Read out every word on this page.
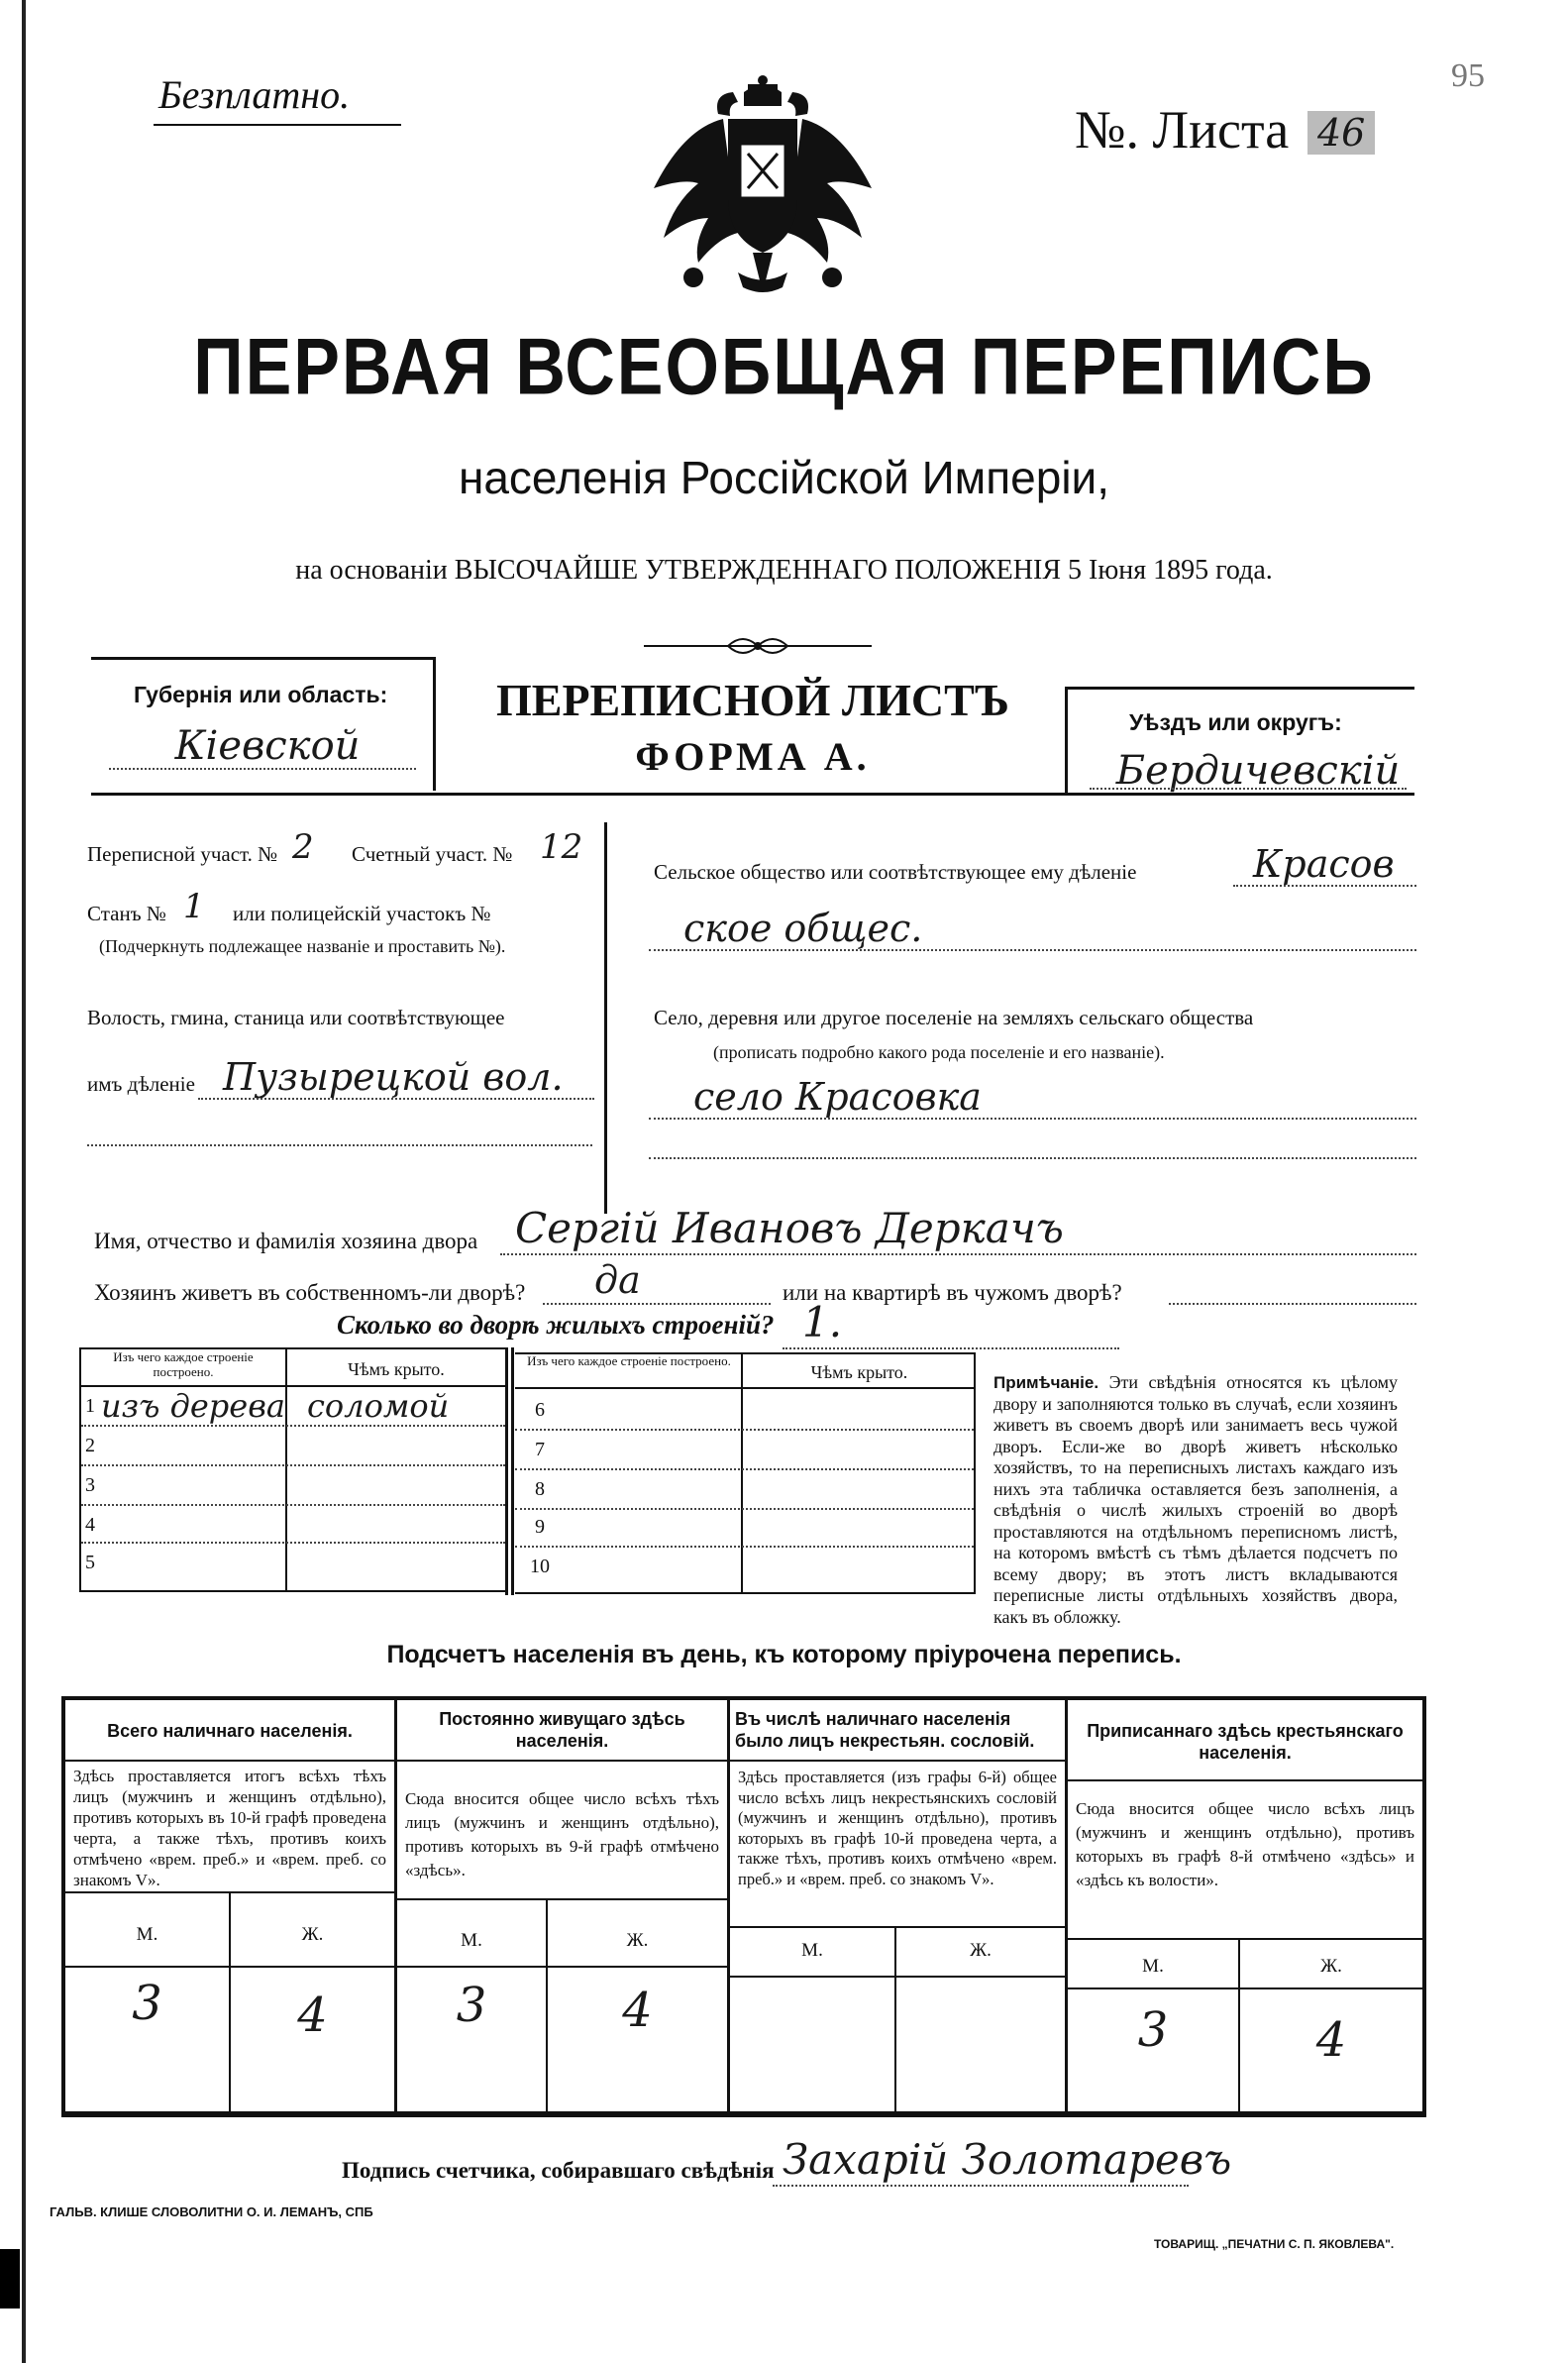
Безплатно.
№. Листа 46
95
ПЕРВАЯ ВСЕОБЩАЯ ПЕРЕПИСЬ
населенія Россійской Имперіи,
на основаніи ВЫСОЧАЙШЕ УТВЕРЖДЕННАГО ПОЛОЖЕНІЯ 5 Іюня 1895 года.
Губернія или область:
Кіевской
ПЕРЕПИСНОЙ ЛИСТЪ
ФОРМА А.
Уѣздъ или округъ:
Бердичевскій
Переписной участ. № 2 Счетный участ. № 12
Станъ № 1 или полицейскій участокъ №
(Подчеркнуть подлежащее названіе и проставить №).
Волость, гмина, станица или соотвѣтствующее
имъ дѣленіе Пузырецкой вол.
Сельское общество или соотвѣтствующее ему дѣленіе	Красов
ское общес.
Село, деревня или другое поселеніе на земляхъ сельскаго общества
(прописать подробно какого рода поселеніе и его названіе).
село Красовка
Имя, отчество и фамилія хозяина двора Сергій Ивановъ Деркачъ
Хозяинъ живетъ въ собственномъ-ли дворѣ? да	или на квартирѣ въ чужомъ дворѣ?
Сколько во дворѣ жилыхъ строеній? 1.
Изъ чего каждое строеніе построено.	Чѣмъ крыто.	Изъ чего каждое строеніе построено.
Чѣмъ крыто.
1 изъ дерева соломой
2
3
4
5
6
7
8
9
10
Примѣчаніе. Эти свѣдѣнія относятся къ цѣлому двору и заполняются только въ случаѣ, если хозяинъ живетъ въ своемъ дворѣ или занимаетъ весь чужой дворъ. Если-же во дворѣ живетъ нѣсколько хозяйствъ, то на переписныхъ листахъ каждаго изъ нихъ эта табличка оставляется безъ заполненія, а свѣдѣнія о числѣ жилыхъ строеній во дворѣ проставляются на отдѣльномъ переписномъ листѣ, на которомъ вмѣстѣ съ тѣмъ дѣлается подсчетъ по всему двору; въ этотъ листъ вкладываются переписные листы отдѣльныхъ хозяйствъ двора, какъ въ обложку.
Подсчетъ населенія въ день, къ которому пріурочена перепись.
Всего наличнаго населенія.
Здѣсь проставляется итогъ всѣхъ тѣхъ лицъ (мужчинъ и женщинъ отдѣльно), противъ которыхъ въ 10-й графѣ проведена черта, а также тѣхъ, противъ коихъ отмѣчено «врем. преб.» и «врем. преб. со знакомъ V».
М.	Ж.
3	4
Постоянно живущаго здѣсь населенія.
Сюда вносится общее число всѣхъ тѣхъ лицъ (мужчинъ и женщинъ отдѣльно), противъ которыхъ въ 9-й графѣ отмѣчено «здѣсь».
М.	Ж.
3	4
Въ числѣ наличнаго населенія было лицъ некрестьян. сословій.
Здѣсь проставляется (изъ графы 6-й) общее число всѣхъ лицъ некрестьянскихъ сословій (мужчинъ и женщинъ отдѣльно), противъ которыхъ въ графѣ 10-й проведена черта, а также тѣхъ, противъ коихъ отмѣчено «врем. преб.» и «врем. преб. со знакомъ V».
М.	Ж.
Приписаннаго здѣсь крестьянскаго населенія.
Сюда вносится общее число всѣхъ лицъ (мужчинъ и женщинъ отдѣльно), противъ которыхъ въ графѣ 8-й отмѣчено «здѣсь» и «здѣсь къ волости».
М.	Ж.
3	4
Подпись счетчика, собиравшаго свѣдѣнія Захарій Золотаревъ
ГАЛЬВ. КЛИШЕ СЛОВОЛИТНИ О. И. ЛЕМАНЪ, СПБ
ТОВАРИЩ. „ПЕЧАТНИ С. П. ЯКОВЛЕВА".
